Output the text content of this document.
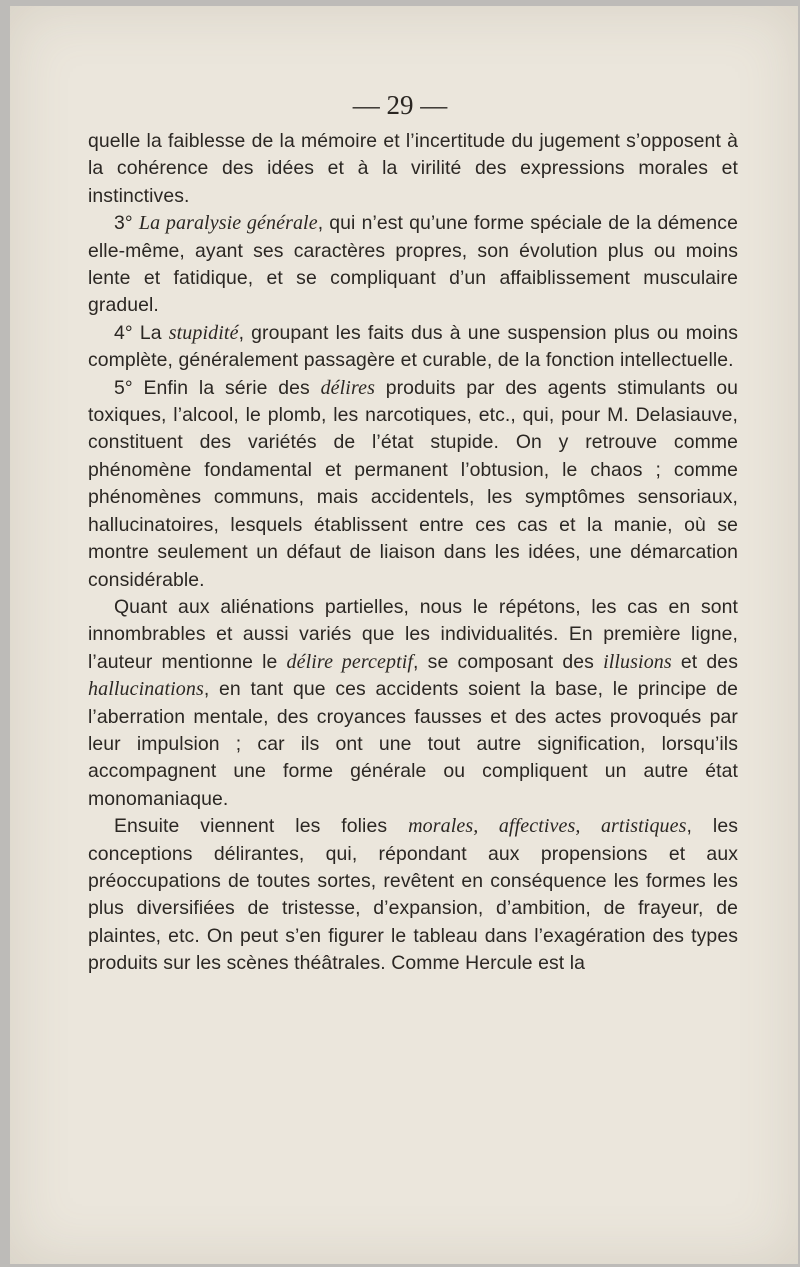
— 29 —

quelle la faiblesse de la mémoire et l’incertitude du jugement s’opposent à la cohérence des idées et à la virilité des expressions morales et instinctives.

3° La paralysie générale, qui n’est qu’une forme spéciale de la démence elle-même, ayant ses caractères propres, son évolution plus ou moins lente et fatidique, et se compliquant d’un affaiblissement musculaire graduel.

4° La stupidité, groupant les faits dus à une suspension plus ou moins complète, généralement passagère et curable, de la fonction intellectuelle.

5° Enfin la série des délires produits par des agents stimulants ou toxiques, l’alcool, le plomb, les narcotiques, etc., qui, pour M. Delasiauve, constituent des variétés de l’état stupide. On y retrouve comme phénomène fondamental et permanent l’obtusion, le chaos ; comme phénomènes communs, mais accidentels, les symptômes sensoriaux, hallucinatoires, lesquels établissent entre ces cas et la manie, où se montre seulement un défaut de liaison dans les idées, une démarcation considérable.

Quant aux aliénations partielles, nous le répétons, les cas en sont innombrables et aussi variés que les individualités. En première ligne, l’auteur mentionne le délire perceptif, se composant des illusions et des hallucinations, en tant que ces accidents soient la base, le principe de l’aberration mentale, des croyances fausses et des actes provoqués par leur impulsion ; car ils ont une tout autre signification, lorsqu’ils accompagnent une forme générale ou compliquent un autre état monomaniaque.

Ensuite viennent les folies morales, affectives, artistiques, les conceptions délirantes, qui, répondant aux propensions et aux préoccupations de toutes sortes, revêtent en conséquence les formes les plus diversifiées de tristesse, d’expansion, d’ambition, de frayeur, de plaintes, etc. On peut s’en figurer le tableau dans l’exagération des types produits sur les scènes théâtrales. Comme Hercule est la
